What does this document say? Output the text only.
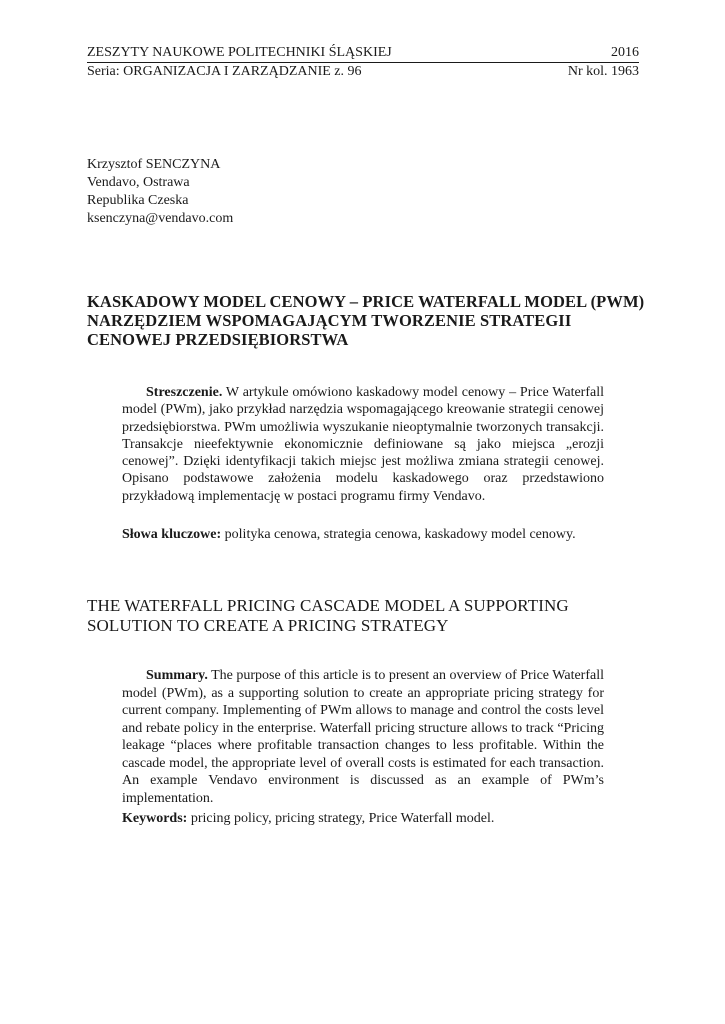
ZESZYTY NAUKOWE POLITECHNIKI ŚLĄSKIEJ	2016
Seria: ORGANIZACJA I ZARZĄDZANIE z. 96	Nr kol. 1963
Krzysztof SENCZYNA
Vendavo, Ostrawa
Republika Czeska
ksenczyna@vendavo.com
KASKADOWY MODEL CENOWY – PRICE WATERFALL MODEL (PWM) NARZĘDZIEM WSPOMAGAJĄCYM TWORZENIE STRATEGII CENOWEJ PRZEDSIĘBIORSTWA

Streszczenie. W artykule omówiono kaskadowy model cenowy – Price Waterfall model (PWm), jako przykład narzędzia wspomagającego kreowanie strategii cenowej przedsiębiorstwa. PWm umożliwia wyszukanie nieoptymalnie tworzonych transakcji. Transakcje nieefektywnie ekonomicznie definiowane są jako miejsca „erozji cenowej”. Dzięki identyfikacji takich miejsc jest możliwa zmiana strategii cenowej. Opisano podstawowe założenia modelu kaskadowego oraz przedstawiono przykładową implementację w postaci programu firmy Vendavo.

Słowa kluczowe: polityka cenowa, strategia cenowa, kaskadowy model cenowy.
THE WATERFALL PRICING CASCADE MODEL A SUPPORTING SOLUTION TO CREATE A PRICING STRATEGY

Summary. The purpose of this article is to present an overview of Price Waterfall model (PWm), as a supporting solution to create an appropriate pricing strategy for current company. Implementing of PWm allows to manage and control the costs level and rebate policy in the enterprise. Waterfall pricing structure allows to track “Pricing leakage “places where profitable transaction changes to less profitable. Within the cascade model, the appropriate level of overall costs is estimated for each transaction. An example Vendavo environment is discussed as an example of PWm’s implementation.

Keywords: pricing policy, pricing strategy, Price Waterfall model.
